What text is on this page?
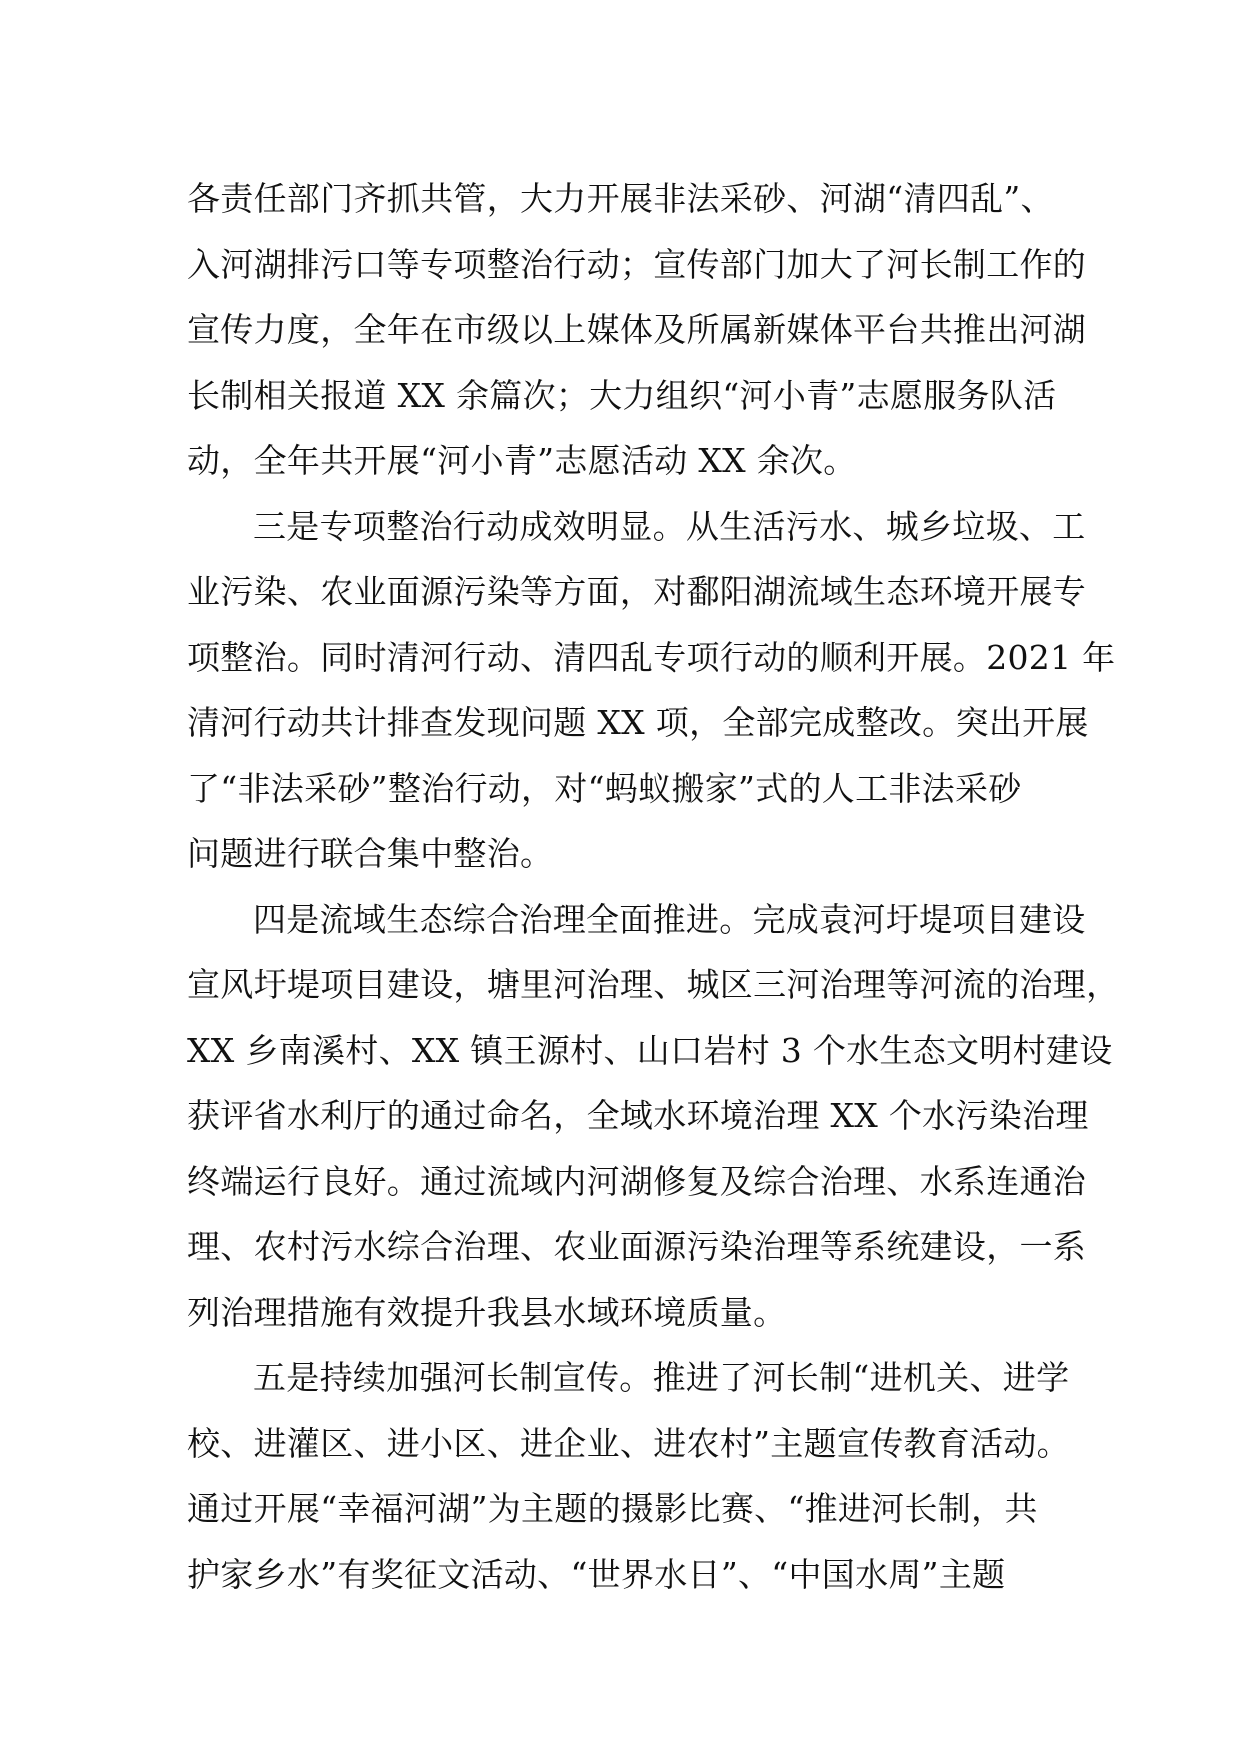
各责任部门齐抓共管，大力开展非法采砂、河湖“清四乱”、
入河湖排污口等专项整治行动；宣传部门加大了河长制工作的
宣传力度，全年在市级以上媒体及所属新媒体平台共推出河湖
长制相关报道 XX 余篇次；大力组织“河小青”志愿服务队活
动，全年共开展“河小青”志愿活动 XX 余次。
三是专项整治行动成效明显。从生活污水、城乡垃圾、工
业污染、农业面源污染等方面，对鄱阳湖流域生态环境开展专
项整治。同时清河行动、清四乱专项行动的顺利开展。2021 年
清河行动共计排查发现问题 XX 项，全部完成整改。突出开展
了“非法采砂”整治行动，对“蚂蚁搬家”式的人工非法采砂
问题进行联合集中整治。
四是流域生态综合治理全面推进。完成袁河圩堤项目建设
宣风圩堤项目建设，塘里河治理、城区三河治理等河流的治理，
XX 乡南溪村、XX 镇王源村、山口岩村 3 个水生态文明村建设
获评省水利厅的通过命名，全域水环境治理 XX 个水污染治理
终端运行良好。通过流域内河湖修复及综合治理、水系连通治
理、农村污水综合治理、农业面源污染治理等系统建设，一系
列治理措施有效提升我县水域环境质量。
五是持续加强河长制宣传。推进了河长制“进机关、进学
校、进灌区、进小区、进企业、进农村”主题宣传教育活动。
通过开展“幸福河湖”为主题的摄影比赛、“推进河长制，共
护家乡水”有奖征文活动、“世界水日”、“中国水周”主题
